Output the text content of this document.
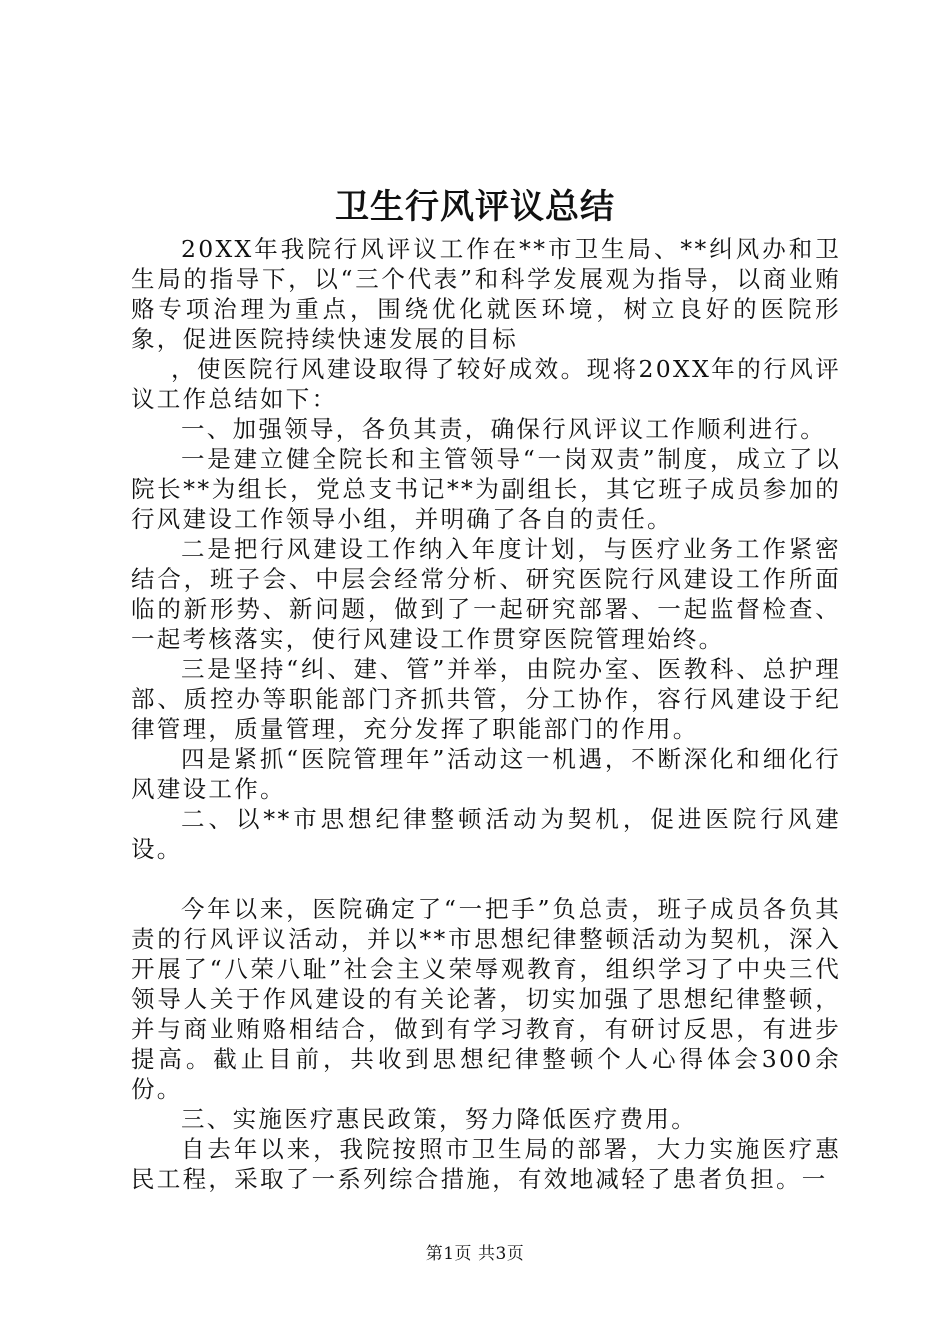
卫生行风评议总结

20XX年我院行风评议工作在**市卫生局、**纠风办和卫生局的指导下，以“三个代表”和科学发展观为指导，以商业贿赂专项治理为重点，围绕优化就医环境，树立良好的医院形象，促进医院持续快速发展的目标

，使医院行风建设取得了较好成效。现将20XX年的行风评议工作总结如下：

一、加强领导，各负其责，确保行风评议工作顺利进行。

一是建立健全院长和主管领导“一岗双责”制度，成立了以院长**为组长，党总支书记**为副组长，其它班子成员参加的行风建设工作领导小组，并明确了各自的责任。

二是把行风建设工作纳入年度计划，与医疗业务工作紧密结合，班子会、中层会经常分析、研究医院行风建设工作所面临的新形势、新问题，做到了一起研究部署、一起监督检查、一起考核落实，使行风建设工作贯穿医院管理始终。

三是坚持“纠、建、管”并举，由院办室、医教科、总护理部、质控办等职能部门齐抓共管，分工协作，容行风建设于纪律管理，质量管理，充分发挥了职能部门的作用。

四是紧抓“医院管理年”活动这一机遇，不断深化和细化行风建设工作。

二、以**市思想纪律整顿活动为契机，促进医院行风建设。

今年以来，医院确定了“一把手”负总责，班子成员各负其责的行风评议活动，并以**市思想纪律整顿活动为契机，深入开展了“八荣八耻”社会主义荣辱观教育，组织学习了中央三代领导人关于作风建设的有关论著，切实加强了思想纪律整顿，并与商业贿赂相结合，做到有学习教育，有研讨反思，有进步提高。截止目前，共收到思想纪律整顿个人心得体会300余份。

三、实施医疗惠民政策，努力降低医疗费用。

自去年以来，我院按照市卫生局的部署，大力实施医疗惠民工程，采取了一系列综合措施，有效地减轻了患者负担。一

第1页 共3页
